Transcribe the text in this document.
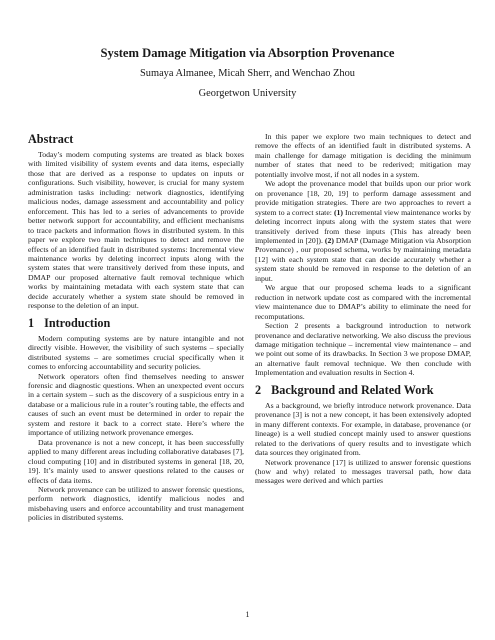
System Damage Mitigation via Absorption Provenance
Sumaya Almanee, Micah Sherr, and Wenchao Zhou
Georgetwon University
Abstract

Today’s modern computing systems are treated as black boxes with limited visibility of system events and data items, especially those that are derived as a response to updates on inputs or configurations. Such visibility, however, is crucial for many system administration tasks including: network diagnostics, identifying malicious nodes, damage assessment and accountability and policy enforcement. This has led to a series of advancements to provide better network support for accountability, and efficient mechanisms to trace packets and information flows in distributed system. In this paper we explore two main techniques to detect and remove the effects of an identified fault in distributed systems: Incremental view maintenance works by deleting incorrect inputs along with the system states that were transitively derived from these inputs, and DMAP our proposed alternative fault removal technique which works by maintaining metadata with each system state that can decide accurately whether a system state should be removed in response to the deletion of an input.

1 Introduction

Modern computing systems are by nature intangible and not directly visible. However, the visibility of such systems – specially distributed systems – are sometimes crucial specifically when it comes to enforcing accountability and security policies.

Network operators often find themselves needing to answer forensic and diagnostic questions. When an unexpected event occurs in a certain system – such as the discovery of a suspicious entry in a database or a malicious rule in a router’s routing table, the effects and causes of such an event must be determined in order to repair the system and restore it back to a correct state. Here’s where the importance of utilizing network provenance emerges.

Data provenance is not a new concept, it has been successfully applied to many different areas including collaborative databases [7], cloud computing [10] and in distributed systems in general [18, 20, 19]. It’s mainly used to answer questions related to the causes or effects of data items.

Network provenance can be utilized to answer forensic questions, perform network diagnostics, identify malicious nodes and misbehaving users and enforce accountability and trust management policies in distributed systems.

In this paper we explore two main techniques to detect and remove the effects of an identified fault in distributed systems. A main challenge for damage mitigation is deciding the minimum number of states that need to be rederived; mitigation may potentially involve most, if not all nodes in a system.

We adopt the provenance model that builds upon our prior work on provenance [18, 20, 19] to perform damage assessment and provide mitigation strategies. There are two approaches to revert a system to a correct state: (1) Incremental view maintenance works by deleting incorrect inputs along with the system states that were transitively derived from these inputs (This has already been implemented in [20]). (2) DMAP (Damage Mitigation via Absorption Provenance) , our proposed schema, works by maintaining metadata [12] with each system state that can decide accurately whether a system state should be removed in response to the deletion of an input.

We argue that our proposed schema leads to a significant reduction in network update cost as compared with the incremental view maintenance due to DMAP’s ability to eliminate the need for recomputations.

Section 2 presents a background introduction to network provenance and declarative networking. We also discuss the previous damage mitigation technique – incremental view maintenance – and we point out some of its drawbacks. In Section 3 we propose DMAP, an alternative fault removal technique. We then conclude with Implementation and evaluation results in Section 4.

2 Background and Related Work

As a background, we briefly introduce network provenance. Data provenance [3] is not a new concept, it has been extensively adopted in many different contexts. For example, in database, provenance (or lineage) is a well studied concept mainly used to answer questions related to the derivations of query results and to investigate which data sources they originated from.

Network provenance [17] is utilized to answer forensic questions (how and why) related to messages traversal path, how data messages were derived and which parties

1
